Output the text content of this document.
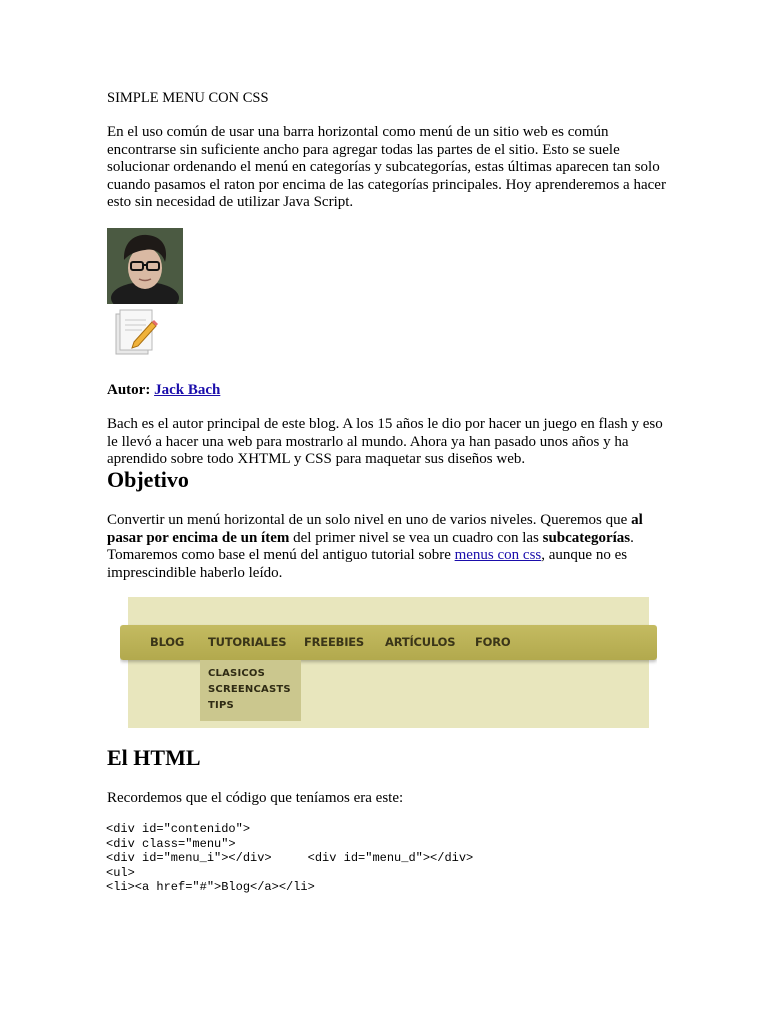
SIMPLE MENU CON CSS

En el uso común de usar una barra horizontal como menú de un sitio web es común encontrarse sin suficiente ancho para agregar todas las partes de el sitio. Esto se suele solucionar ordenando el menú en categorías y subcategorías, estas últimas aparecen tan solo cuando pasamos el raton por encima de las categorías principales. Hoy aprenderemos a hacer esto sin necesidad de utilizar Java Script.

Autor: Jack Bach

Bach es el autor principal de este blog. A los 15 años le dio por hacer un juego en flash y eso le llevó a hacer una web para mostrarlo al mundo. Ahora ya han pasado unos años y ha aprendido sobre todo XHTML y CSS para maquetar sus diseños web.

Objetivo

Convertir un menú horizontal de un solo nivel en uno de varios niveles. Queremos que al pasar por encima de un ítem del primer nivel se vea un cuadro con las subcategorías. Tomaremos como base el menú del antiguo tutorial sobre menus con css, aunque no es imprescindible haberlo leído.

BLOG TUTORIALES FREEBIES ARTÍCULOS FORO
CLASICOS
SCREENCASTS
TIPS
El HTML

Recordemos que el código que teníamos era este:

<div id="contenido">
<div class="menu">
<div id="menu_i"></div>     <div id="menu_d"></div>
<ul>
<li><a href="#">Blog</a></li>
